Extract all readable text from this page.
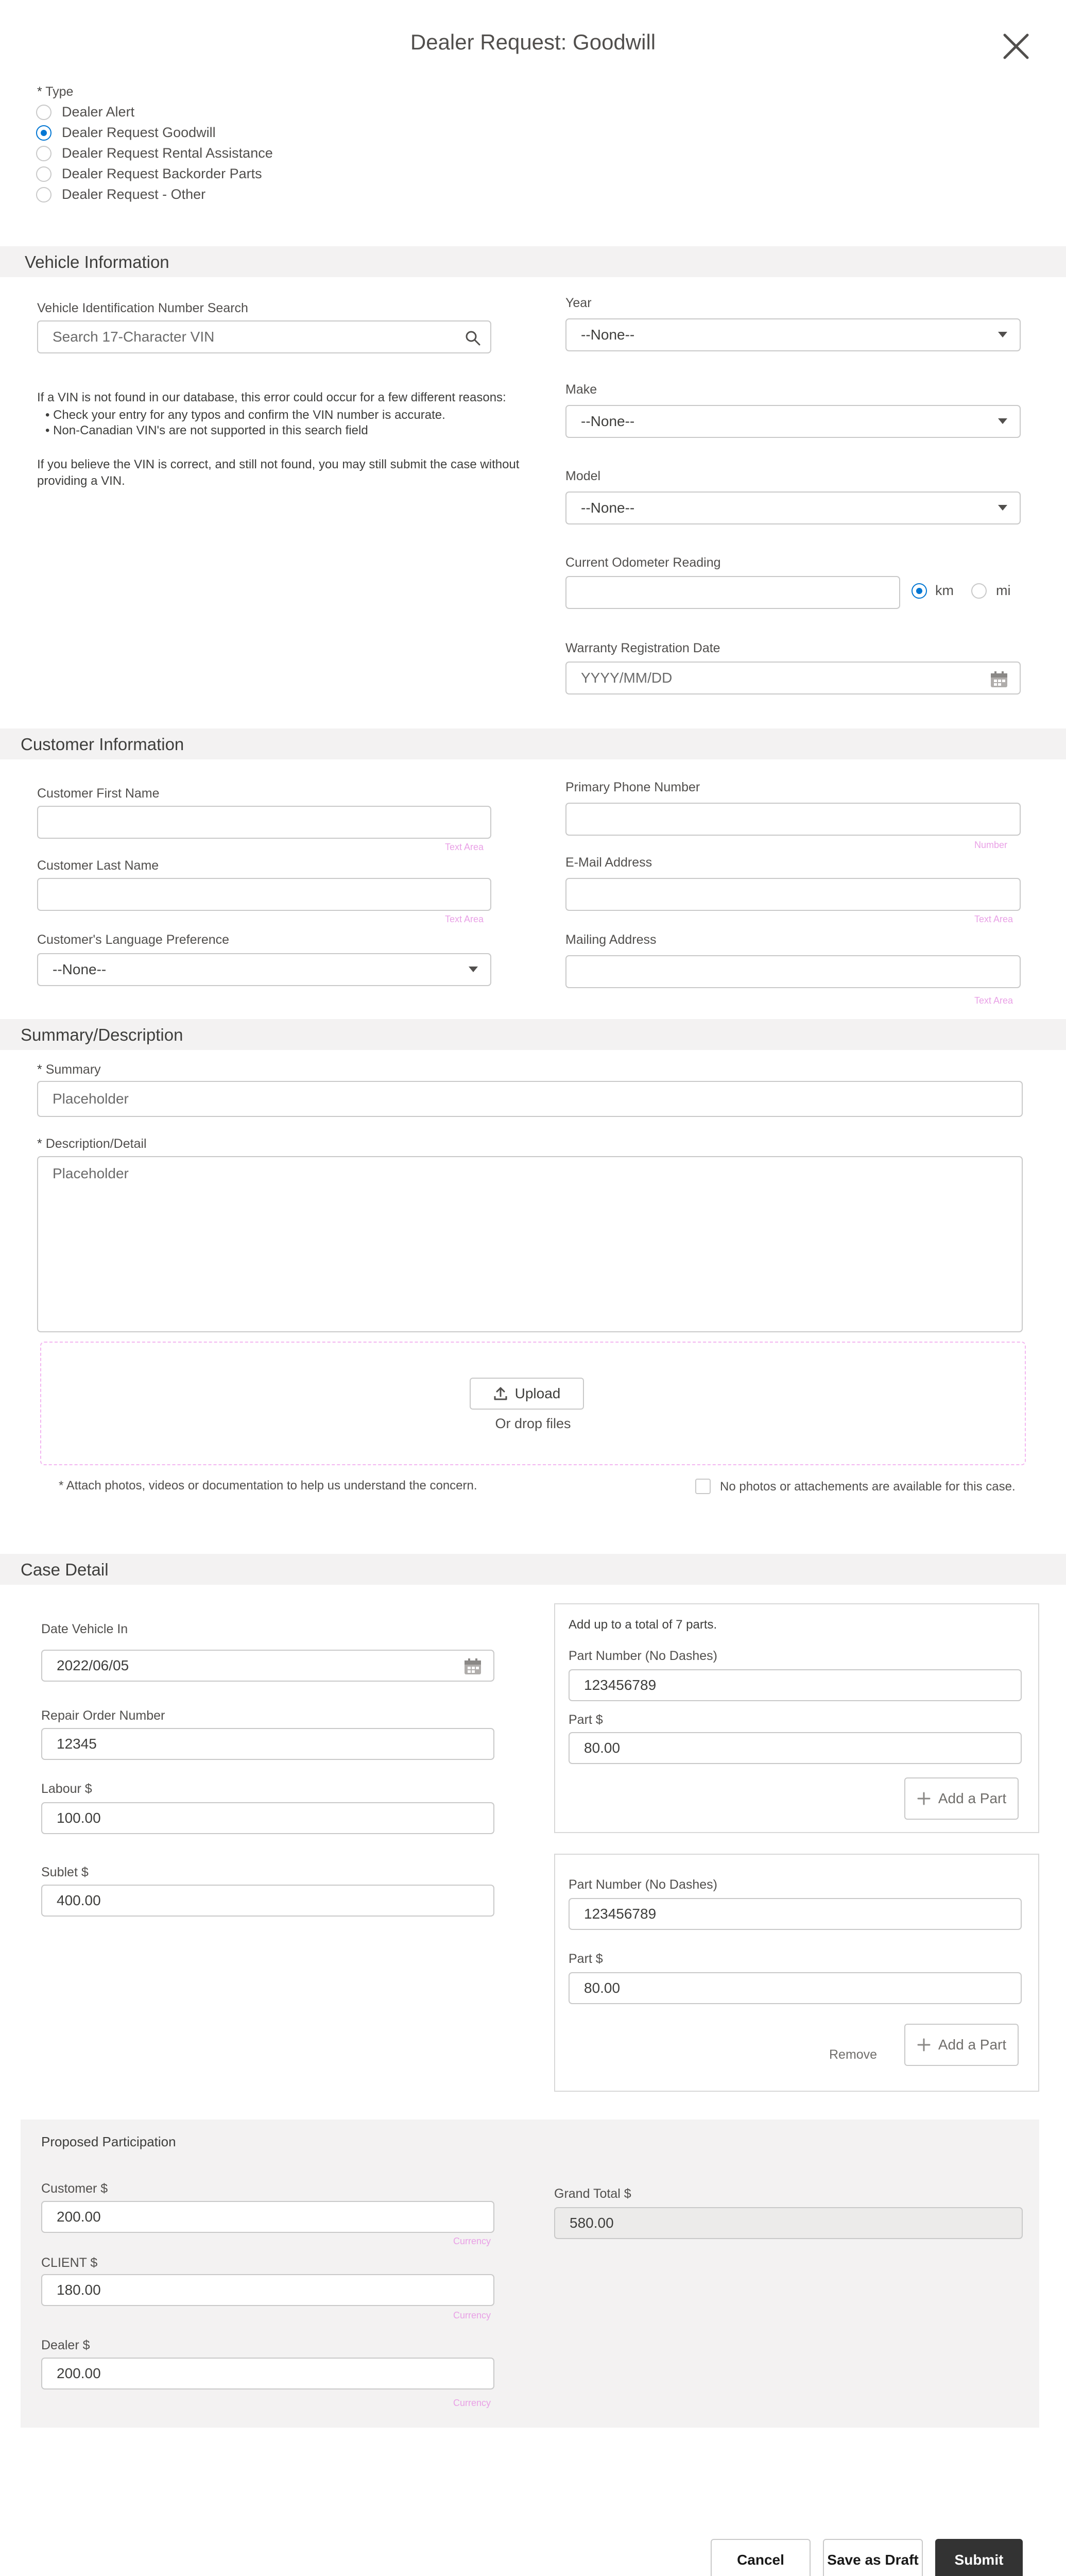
Dealer Request: Goodwill
* Type
Dealer Alert
Dealer Request Goodwill
Dealer Request Rental Assistance
Dealer Request Backorder Parts
Dealer Request - Other
Vehicle Information
Vehicle Identification Number Search
Search 17-Character VIN
If a VIN is not found in our database, this error could occur for a few different reasons:
• Check your entry for any typos and confirm the VIN number is accurate.
• Non-Canadian VIN's are not supported in this search field
If you believe the VIN is correct, and still not found, you may still submit the case without
providing a VIN.
Year
--None--
Make
--None--
Model
--None--
Current Odometer Reading
km	mi
Warranty Registration Date
YYYY/MM/DD
Customer Information
Customer First Name
Text Area
Customer Last Name
Text Area
Customer's Language Preference
--None--
Primary Phone Number
Number
E-Mail Address
Text Area
Mailing Address
Text Area
Summary/Description
* Summary
Placeholder
* Description/Detail
Placeholder
Upload
Or drop files
* Attach photos, videos or documentation to help us understand the concern.	No photos or attachements are available for this case.
Case Detail
Date Vehicle In
2022/06/05
Repair Order Number
12345
Labour $
100.00
Sublet $
400.00
Add up to a total of 7 parts.
Part Number (No Dashes)
123456789
Part $
80.00
Add a Part
Part Number (No Dashes)
123456789
Part $
80.00
Remove
Add a Part
Proposed Participation
Customer $
200.00
Currency
CLIENT $
180.00
Currency
Dealer $
200.00
Currency
Grand Total $
580.00
Cancel	Save as Draft Submit
